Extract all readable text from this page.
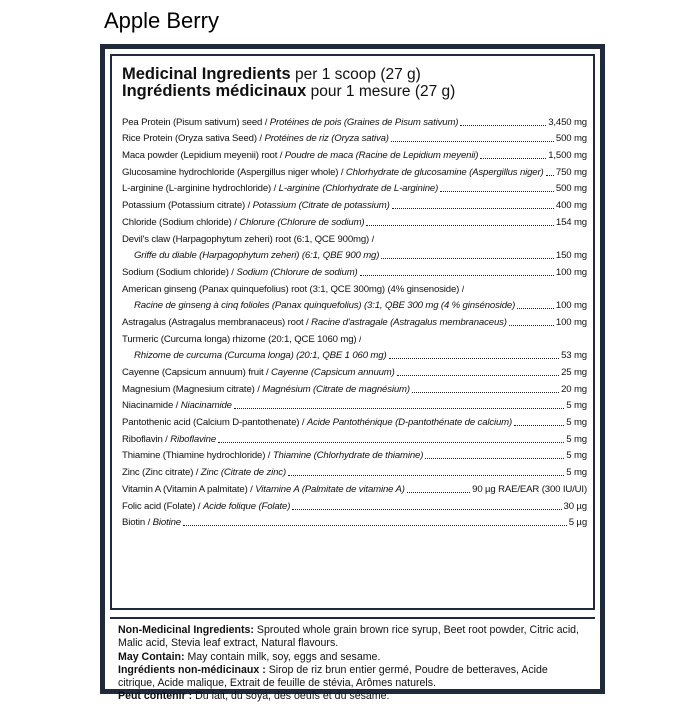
Apple Berry
Medicinal Ingredients per 1 scoop (27 g)
Ingrédients médicinaux pour 1 mesure (27 g)
Pea Protein (Pisum sativum) seed / Protéines de pois (Graines de Pisum sativum)	3,450 mg
Rice Protein (Oryza sativa Seed) / Protéines de riz (Oryza sativa)	500 mg
Maca powder (Lepidium meyenii) root / Poudre de maca (Racine de Lepidium meyenii)	1,500 mg
Glucosamine hydrochloride (Aspergillus niger whole) / Chlorhydrate de glucosamine (Aspergillus niger) 750 mg
L-arginine (L-arginine hydrochloride) / L-arginine (Chlorhydrate de L-arginine)	500 mg
Potassium (Potassium citrate) / Potassium (Citrate de potassium)	400 mg
Chloride (Sodium chloride) / Chlorure (Chlorure de sodium)	154 mg
Devil's claw (Harpagophytum zeheri) root (6:1, QCE 900mg) /
Griffe du diable (Harpagophytum zeheri) (6:1, QBE 900 mg)	150 mg
Sodium (Sodium chloride) / Sodium (Chlorure de sodium)	100 mg
American ginseng (Panax quinquefolius) root (3:1, QCE 300mg) (4% ginsenoside) /
Racine de ginseng à cinq folioles (Panax quinquefolius) (3:1, QBE 300 mg (4 % ginsénoside)	100 mg
Astragalus (Astragalus membranaceus) root / Racine d'astragale (Astragalus membranaceus)	100 mg
Turmeric (Curcuma longa) rhizome (20:1, QCE 1060 mg) /
Rhizome de curcuma (Curcuma longa) (20:1, QBE 1 060 mg)	53 mg
Cayenne (Capsicum annuum) fruit / Cayenne (Capsicum annuum)	25 mg
Magnesium (Magnesium citrate) / Magnésium (Citrate de magnésium)	20 mg
Niacinamide / Niacinamide	5 mg
Pantothenic acid (Calcium D-pantothenate) / Acide Pantothénique (D-pantothénate de calcium)	5 mg
Riboflavin / Riboflavine	5 mg
Thiamine (Thiamine hydrochloride) / Thiamine (Chlorhydrate de thiamine)	5 mg
Zinc (Zinc citrate) / Zinc (Citrate de zinc)	5 mg
Vitamin A (Vitamin A palmitate) / Vitamine A (Palmitate de vitamine A)	90 µg RAE/EAR (300 IU/UI)
Folic acid (Folate) / Acide folique (Folate)	30 µg
Biotin / Biotine	5 µg
Non-Medicinal Ingredients: Sprouted whole grain brown rice syrup, Beet root powder, Citric acid, Malic acid, Stevia leaf extract, Natural flavours.
May Contain: May contain milk, soy, eggs and sesame.
Ingrédients non-médicinaux : Sirop de riz brun entier germé, Poudre de betteraves, Acide citrique, Acide malique, Extrait de feuille de stévia, Arômes naturels.
Peut contenir : Du lait, du soya, des oeufs et du sésame.
